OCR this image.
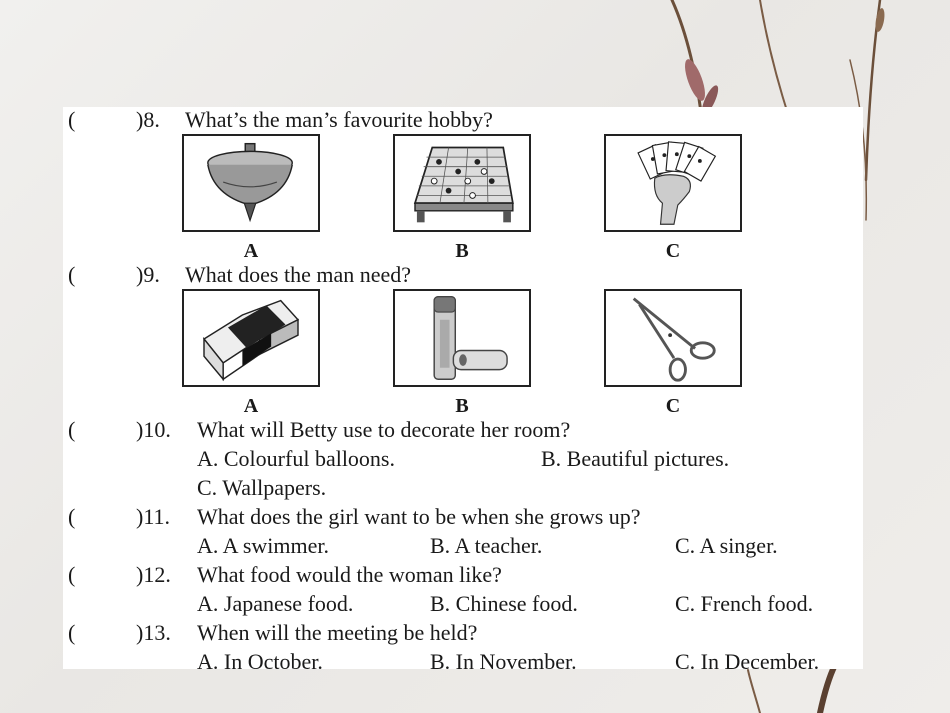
(	)8. What’s the man’s favourite hobby?
A	B	C
(	)9. What does the man need?
A	B	C
(	)10. What will Betty use to decorate her room?
A. Colourful balloons.	B. Beautiful pictures.
C. Wallpapers.
(	)11. What does the girl want to be when she grows up?
A. A swimmer.	B. A teacher.	C. A singer.
(	)12. What food would the woman like?
A. Japanese food.	B. Chinese food.	C. French food.
(	)13. When will the meeting be held?
A. In October.	B. In November.	C. In December.
